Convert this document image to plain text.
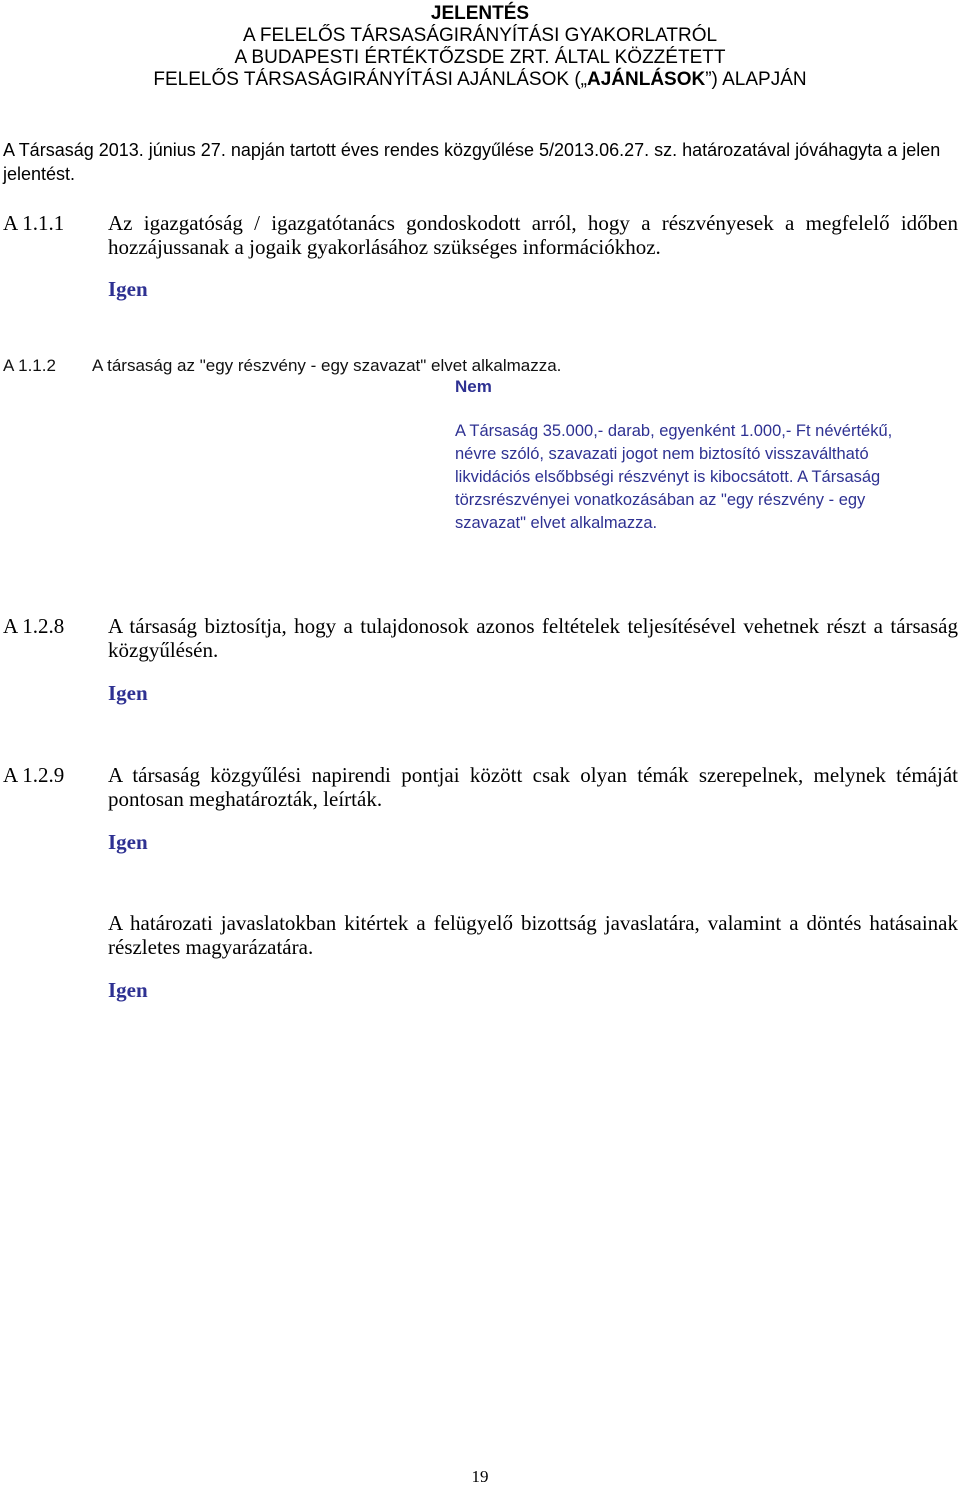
JELENTÉS
A FELELŐS TÁRSASÁGIRÁNYÍTÁSI GYAKORLATRÓL
A BUDAPESTI ÉRTÉKTŐZSDE ZRT. ÁLTAL KÖZZÉTETT
FELELŐS TÁRSASÁGIRÁNYÍTÁSI AJÁNLÁSOK („AJÁNLÁSOK”) ALAPJÁN
A Társaság 2013. június 27. napján tartott éves rendes közgyűlése 5/2013.06.27. sz. határozatával jóváhagyta a jelen jelentést.
A 1.1.1 Az igazgatóság / igazgatótanács gondoskodott arról, hogy a részvényesek a megfelelő időben hozzájussanak a jogaik gyakorlásához szükséges információkhoz.
Igen
A 1.1.2 A társaság az "egy részvény - egy szavazat" elvet alkalmazza.
Nem
A Társaság 35.000,- darab, egyenként 1.000,- Ft névértékű, névre szóló, szavazati jogot nem biztosító visszaváltható likvidációs elsőbbségi részvényt is kibocsátott. A Társaság törzsrészvényei vonatkozásában az "egy részvény - egy szavazat" elvet alkalmazza.
A 1.2.8 A társaság biztosítja, hogy a tulajdonosok azonos feltételek teljesítésével vehetnek részt a társaság közgyűlésén.
Igen
A 1.2.9 A társaság közgyűlési napirendi pontjai között csak olyan témák szerepelnek, melynek témáját pontosan meghatározták, leírták.
Igen
A határozati javaslatokban kitértek a felügyelő bizottság javaslatára, valamint a döntés hatásainak részletes magyarázatára.
Igen
19
